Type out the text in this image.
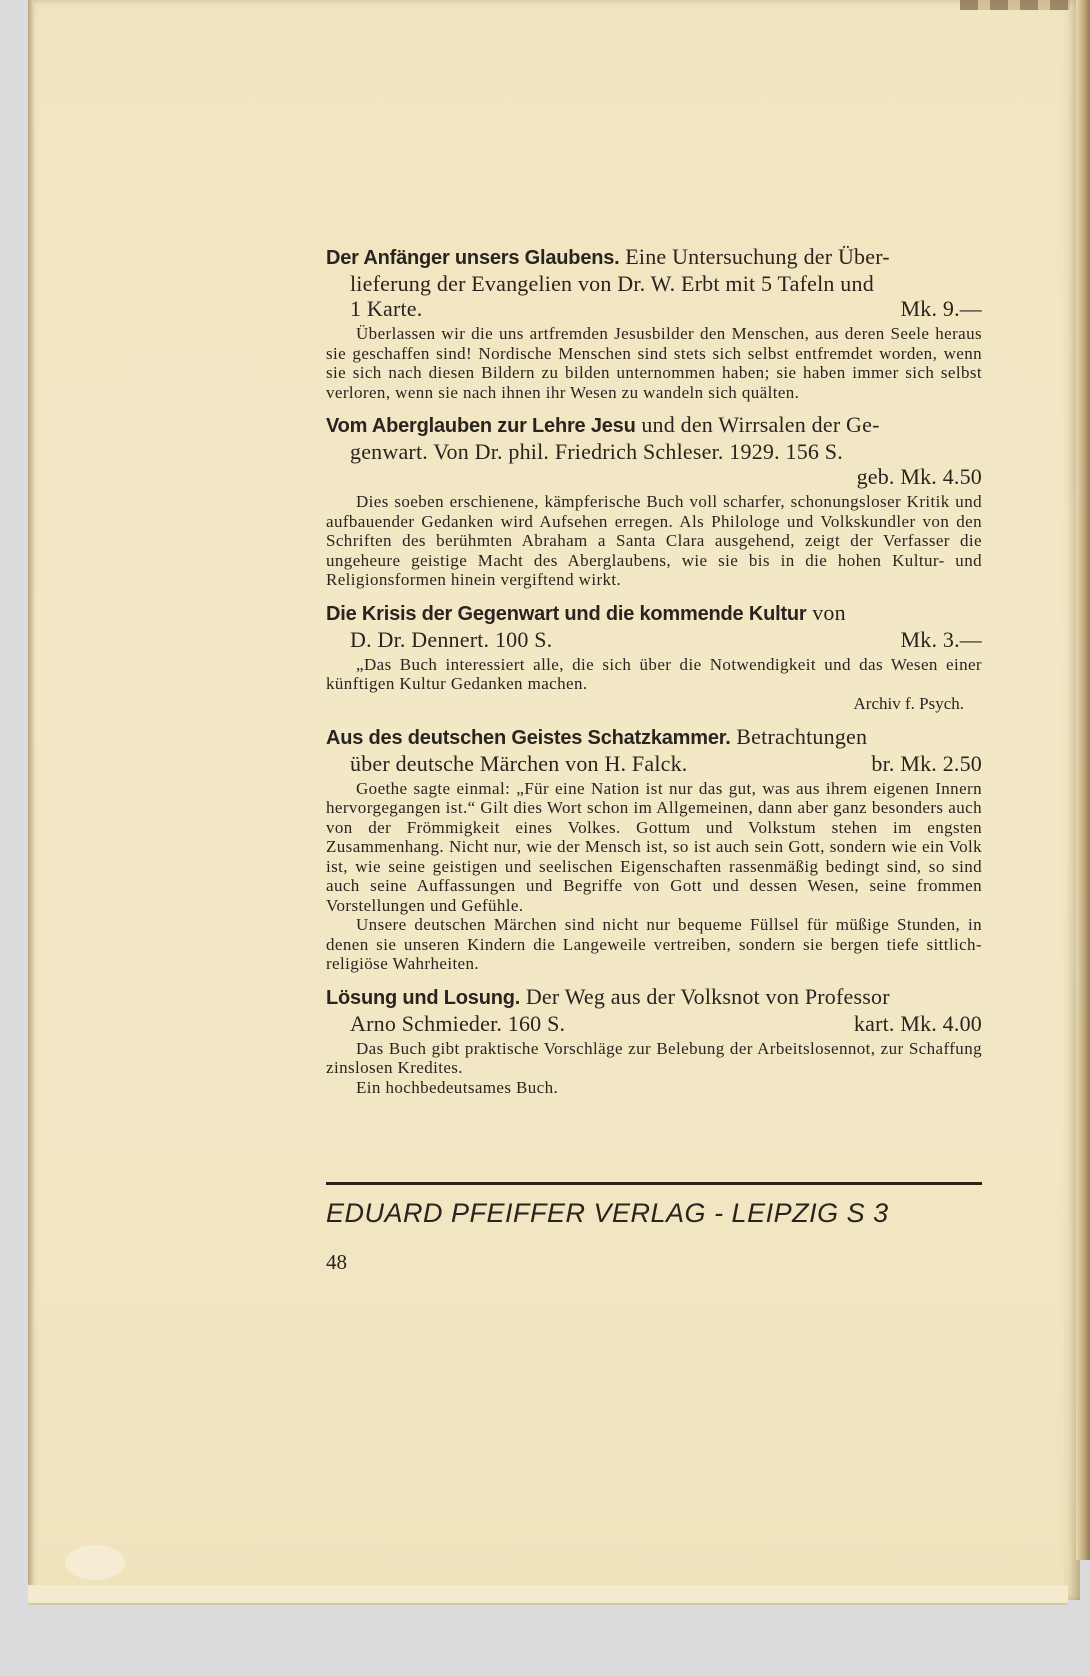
Der Anfänger unsers Glaubens. Eine Untersuchung der Über-
lieferung der Evangelien von Dr. W. Erbt mit 5 Tafeln und
1 Karte.	Mk. 9.—

Überlassen wir die uns artfremden Jesusbilder den Menschen, aus deren Seele heraus sie geschaffen sind! Nordische Menschen sind stets sich selbst entfremdet worden, wenn sie sich nach diesen Bildern zu bilden unternommen haben; sie haben immer sich selbst verloren, wenn sie nach ihnen ihr Wesen zu wandeln sich quälten.

Vom Aberglauben zur Lehre Jesu und den Wirrsalen der Ge-
genwart. Von Dr. phil. Friedrich Schleser. 1929. 156 S.
geb. Mk. 4.50

Dies soeben erschienene, kämpferische Buch voll scharfer, schonungsloser Kritik und aufbauender Gedanken wird Aufsehen erregen. Als Philologe und Volkskundler von den Schriften des berühmten Abraham a Santa Clara ausgehend, zeigt der Verfasser die ungeheure geistige Macht des Aberglaubens, wie sie bis in die hohen Kultur- und Religionsformen hinein vergiftend wirkt.

Die Krisis der Gegenwart und die kommende Kultur von
D. Dr. Dennert. 100 S.	Mk. 3.—

„Das Buch interessiert alle, die sich über die Notwendigkeit und das Wesen einer künftigen Kultur Gedanken machen.

Archiv f. Psych.
Aus des deutschen Geistes Schatzkammer. Betrachtungen
über deutsche Märchen von H. Falck.	br. Mk. 2.50

Goethe sagte einmal: „Für eine Nation ist nur das gut, was aus ihrem eigenen Innern hervorgegangen ist.“ Gilt dies Wort schon im Allgemeinen, dann aber ganz besonders auch von der Frömmigkeit eines Volkes. Gottum und Volkstum stehen im engsten Zusammenhang. Nicht nur, wie der Mensch ist, so ist auch sein Gott, sondern wie ein Volk ist, wie seine geistigen und seelischen Eigenschaften rassenmäßig bedingt sind, so sind auch seine Auffassungen und Begriffe von Gott und dessen Wesen, seine frommen Vorstellungen und Gefühle.

Unsere deutschen Märchen sind nicht nur bequeme Füllsel für müßige Stunden, in denen sie unseren Kindern die Langeweile vertreiben, sondern sie bergen tiefe sittlich-religiöse Wahrheiten.

Lösung und Losung. Der Weg aus der Volksnot von Professor
Arno Schmieder. 160 S.	kart. Mk. 4.00

Das Buch gibt praktische Vorschläge zur Belebung der Arbeitslosennot, zur Schaffung zinslosen Kredites.

Ein hochbedeutsames Buch.

EDUARD PFEIFFER VERLAG - LEIPZIG S 3
48
